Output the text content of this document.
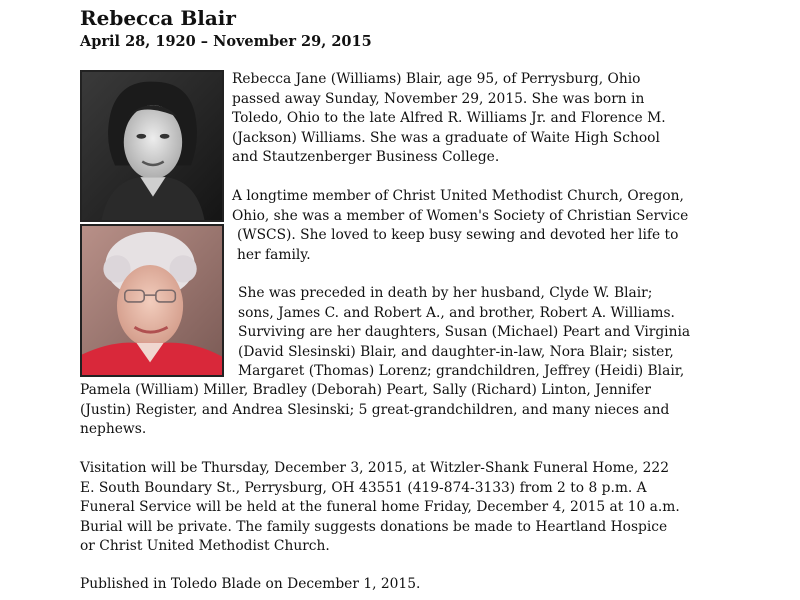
Rebecca Blair
April 28, 1920 – November 29, 2015
Rebecca Jane (Williams) Blair, age 95, of Perrysburg, Ohio
passed away Sunday, November 29, 2015. She was born in
Toledo, Ohio to the late Alfred R. Williams Jr. and Florence M.
(Jackson) Williams. She was a graduate of Waite High School
and Stautzenberger Business College.
A longtime member of Christ United Methodist Church, Oregon,
Ohio, she was a member of Women's Society of Christian Service
(WSCS). She loved to keep busy sewing and devoted her life to
her family.
She was preceded in death by her husband, Clyde W. Blair;
sons, James C. and Robert A., and brother, Robert A. Williams.
Surviving are her daughters, Susan (Michael) Peart and Virginia
(David Slesinski) Blair, and daughter-in-law, Nora Blair; sister,
Margaret (Thomas) Lorenz; grandchildren, Jeffrey (Heidi) Blair,
Pamela (William) Miller, Bradley (Deborah) Peart, Sally (Richard) Linton, Jennifer
(Justin) Register, and Andrea Slesinski; 5 great-grandchildren, and many nieces and
nephews.
Visitation will be Thursday, December 3, 2015, at Witzler-Shank Funeral Home, 222
E. South Boundary St., Perrysburg, OH 43551 (419-874-3133) from 2 to 8 p.m. A
Funeral Service will be held at the funeral home Friday, December 4, 2015 at 10 a.m.
Burial will be private. The family suggests donations be made to Heartland Hospice
or Christ United Methodist Church.
Published in Toledo Blade on December 1, 2015.
